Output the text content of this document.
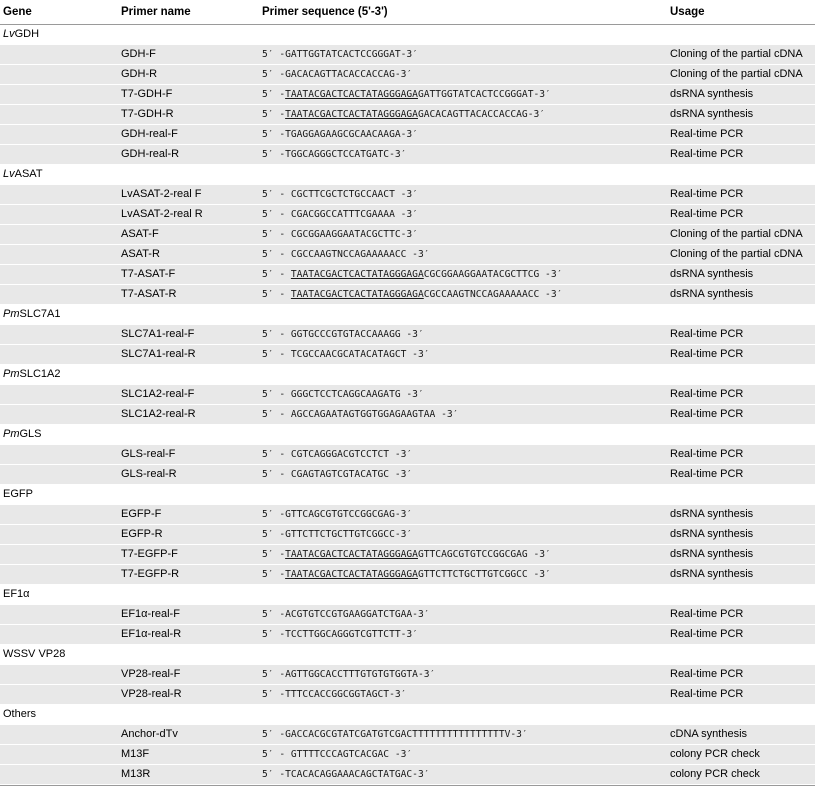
Gene	Primer name	Primer sequence (5'-3')	Usage
LvGDH
GDH-F	5′ -GATTGGTATCACTCCGGGAT-3′	Cloning of the partial cDNA
GDH-R	5′ -GACACAGTTACACCACCAG-3′	Cloning of the partial cDNA
T7-GDH-F	5′ -TAATACGACTCACTATAGGGAGAGATTGGTATCACTCCGGGAT-3′	dsRNA synthesis
T7-GDH-R	5′ -TAATACGACTCACTATAGGGAGAGACACAGTTACACCACCAG-3′	dsRNA synthesis
GDH-real-F	5′ -TGAGGAGAAGCGCAACAAGA-3′	Real-time PCR
GDH-real-R	5′ -TGGCAGGGCTCCATGATC-3′	Real-time PCR
LvASAT
LvASAT-2-real F	5′ - CGCTTCGCTCTGCCAACT -3′	Real-time PCR
LvASAT-2-real R	5′ - CGACGGCCATTTCGAAAA -3′	Real-time PCR
ASAT-F	5′ - CGCGGAAGGAATACGCTTC-3′	Cloning of the partial cDNA
ASAT-R	5′ - CGCCAAGTNCCAGAAAAACC -3′	Cloning of the partial cDNA
T7-ASAT-F	5′ - TAATACGACTCACTATAGGGAGACGCGGAAGGAATACGCTTCG -3′	dsRNA synthesis
T7-ASAT-R	5′ - TAATACGACTCACTATAGGGAGACGCCAAGTNCCAGAAAAACC -3′	dsRNA synthesis
PmSLC7A1
SLC7A1-real-F	5′ - GGTGCCCGTGTACCAAAGG -3′	Real-time PCR
SLC7A1-real-R	5′ - TCGCCAACGCATACATAGCT -3′	Real-time PCR
PmSLC1A2
SLC1A2-real-F	5′ - GGGCTCCTCAGGCAAGATG -3′	Real-time PCR
SLC1A2-real-R	5′ - AGCCAGAATAGTGGTGGAGAAGTAA -3′	Real-time PCR
PmGLS
GLS-real-F	5′ - CGTCAGGGACGTCCTCT -3′	Real-time PCR
GLS-real-R	5′ - CGAGTAGTCGTACATGC -3′	Real-time PCR
EGFP
EGFP-F	5′ -GTTCAGCGTGTCCGGCGAG-3′	dsRNA synthesis
EGFP-R	5′ -GTTCTTCTGCTTGTCGGCC-3′	dsRNA synthesis
T7-EGFP-F	5′ -TAATACGACTCACTATAGGGAGAGTTCAGCGTGTCCGGCGAG -3′	dsRNA synthesis
T7-EGFP-R	5′ -TAATACGACTCACTATAGGGAGAGTTCTTCTGCTTGTCGGCC -3′	dsRNA synthesis
EF1α
EF1α-real-F	5′ -ACGTGTCCGTGAAGGATCTGAA-3′	Real-time PCR
EF1α-real-R	5′ -TCCTTGGCAGGGTCGTTCTT-3′	Real-time PCR
WSSV VP28
VP28-real-F	5′ -AGTTGGCACCTTTGTGTGTGGTA-3′	Real-time PCR
VP28-real-R	5′ -TTTCCACCGGCGGTAGCT-3′	Real-time PCR
Others
Anchor-dTv	5′ -GACCACGCGTATCGATGTCGACTTTTTTTTTTTTTTTTV-3′	cDNA synthesis
M13F	5′ - GTTTTCCCAGTCACGAC -3′	colony PCR check
M13R	5′ -TCACACAGGAAACAGCTATGAC-3′	colony PCR check
